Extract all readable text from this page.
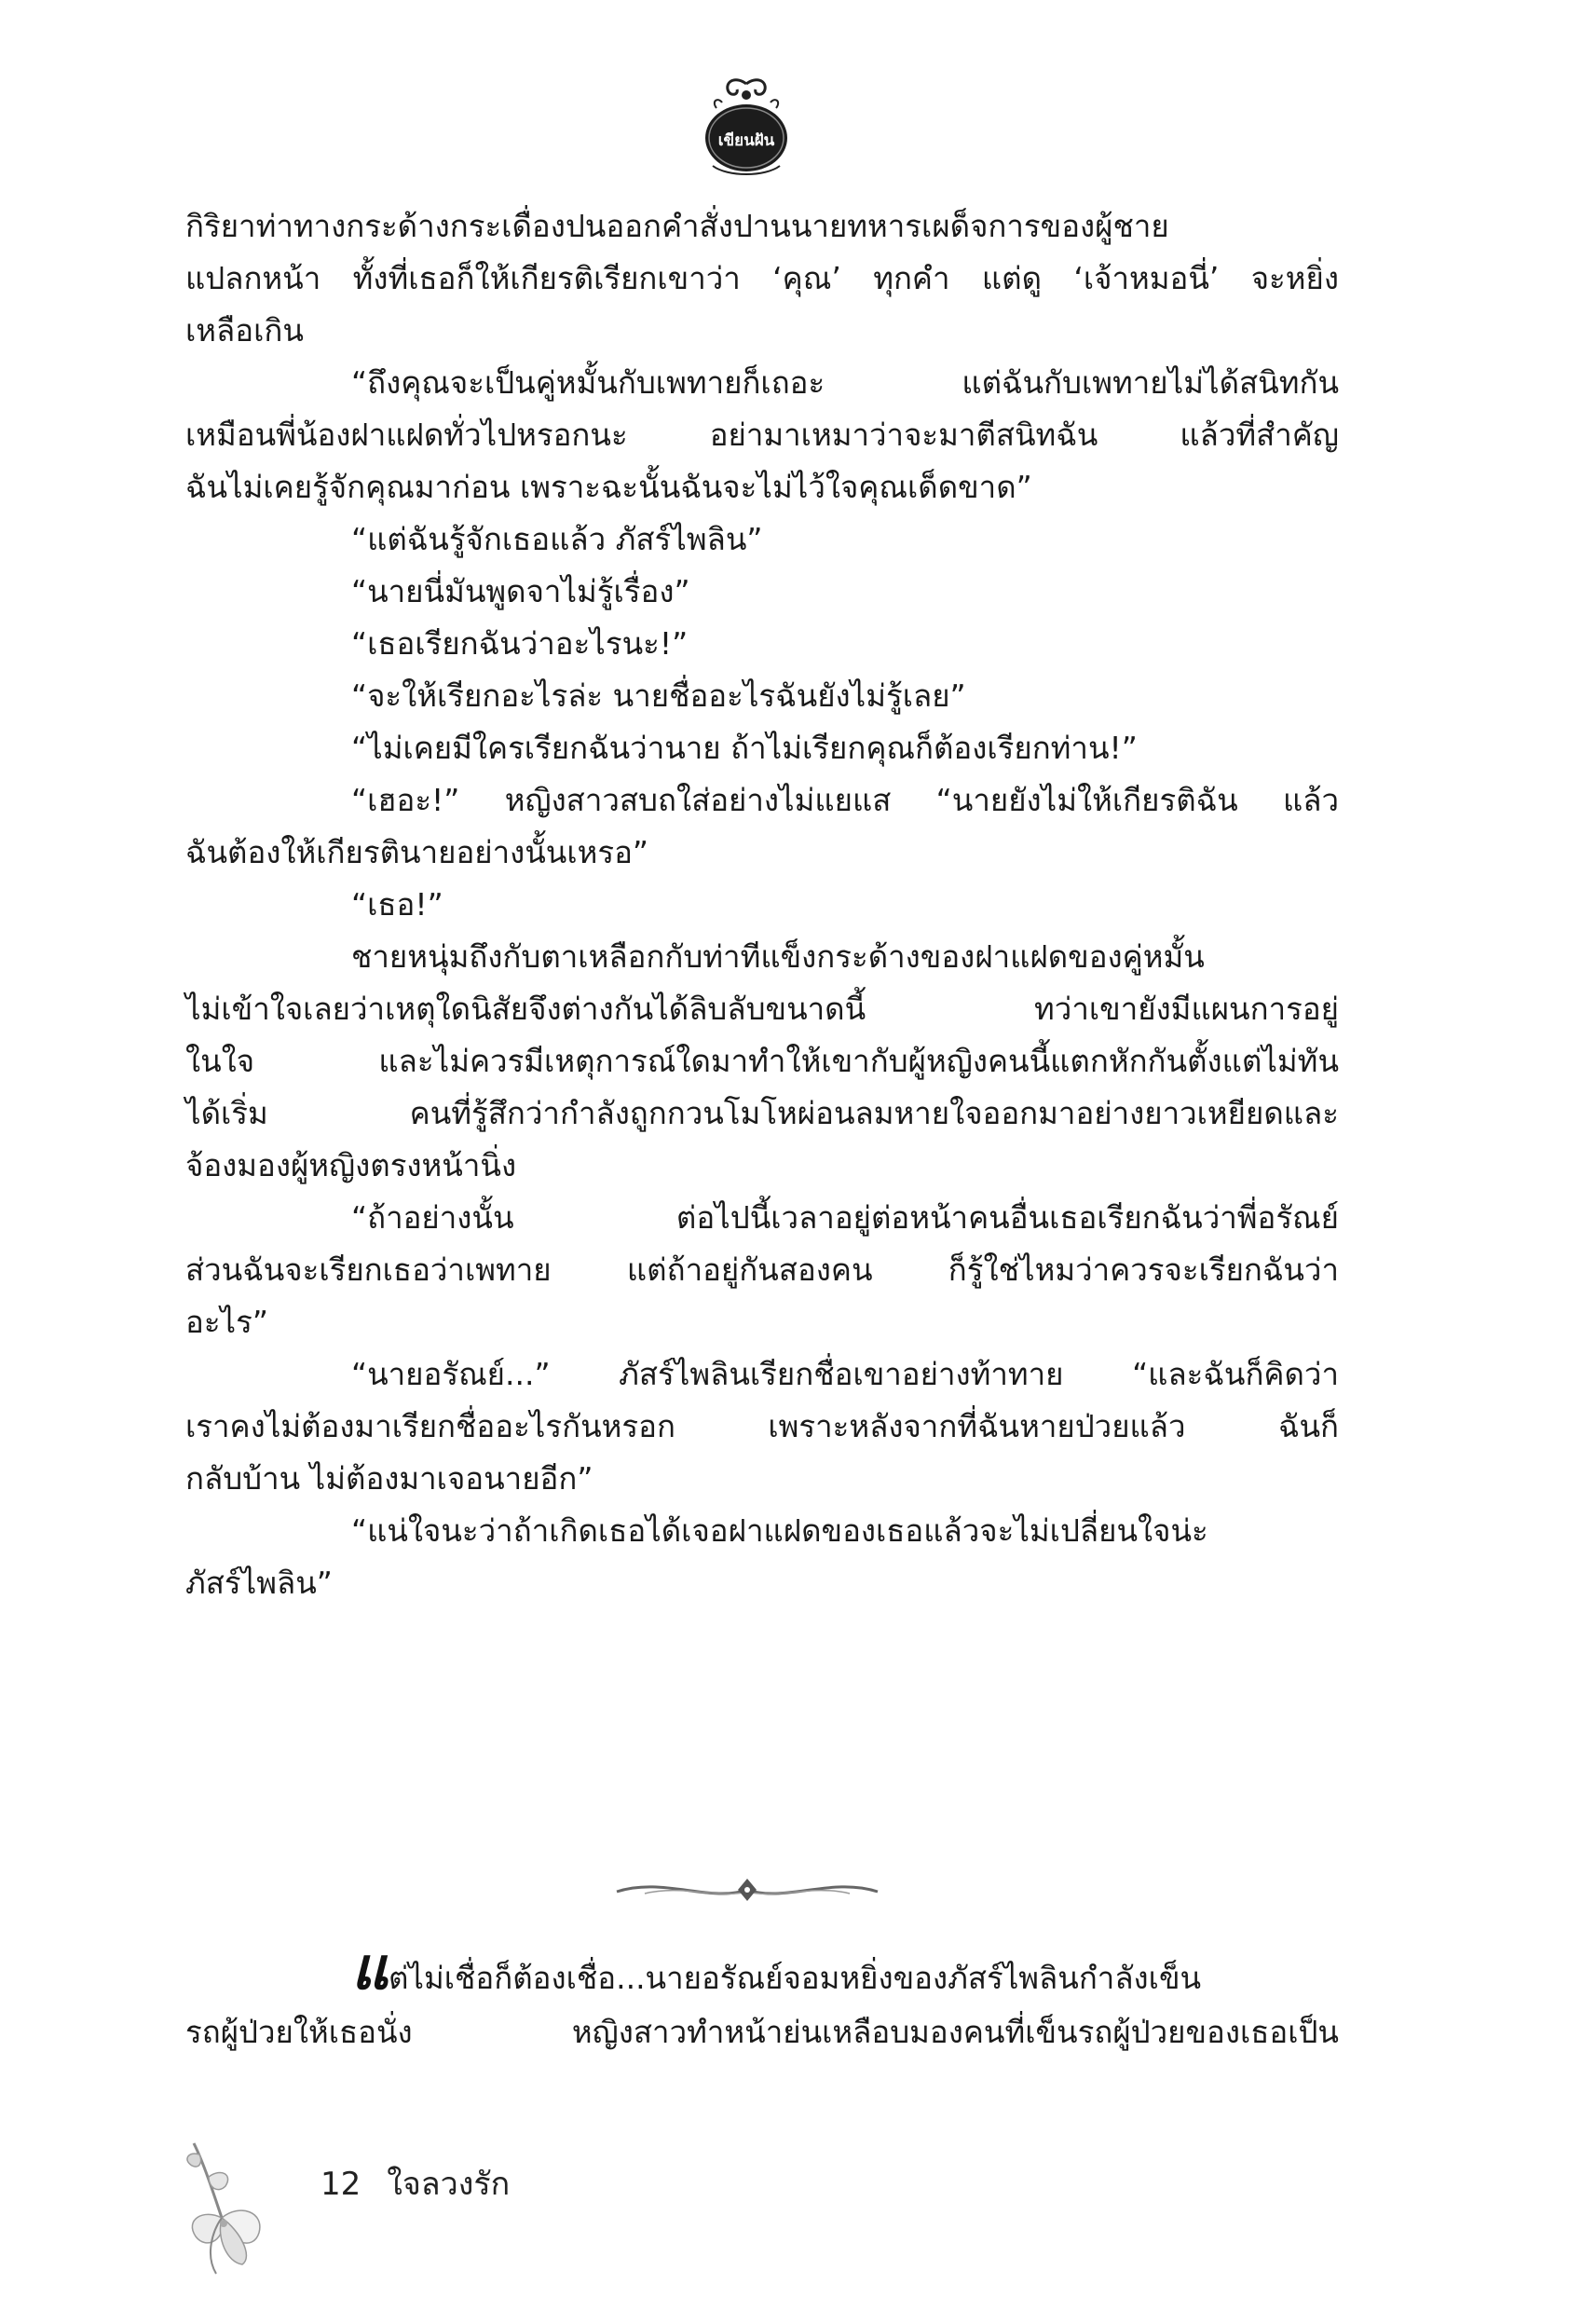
เขียนฝัน
กิริยาท่าทางกระด้างกระเดื่องปนออกคำสั่งปานนายทหารเผด็จการของผู้ชาย
แปลกหน้า ทั้งที่เธอก็ให้เกียรติเรียกเขาว่า ‘คุณ’ ทุกคำ แต่ดู ‘เจ้าหมอนี่’ จะหยิ่ง
เหลือเกิน
“ถึงคุณจะเป็นคู่หมั้นกับเพทายก็เถอะ แต่ฉันกับเพทายไม่ได้สนิทกัน
เหมือนพี่น้องฝาแฝดทั่วไปหรอกนะ อย่ามาเหมาว่าจะมาตีสนิทฉัน แล้วที่สำคัญ
ฉันไม่เคยรู้จักคุณมาก่อน เพราะฉะนั้นฉันจะไม่ไว้ใจคุณเด็ดขาด”
“แต่ฉันรู้จักเธอแล้ว ภัสร์ไพลิน”
“นายนี่มันพูดจาไม่รู้เรื่อง”
“เธอเรียกฉันว่าอะไรนะ!”
“จะให้เรียกอะไรล่ะ นายชื่ออะไรฉันยังไม่รู้เลย”
“ไม่เคยมีใครเรียกฉันว่านาย ถ้าไม่เรียกคุณก็ต้องเรียกท่าน!”
“เฮอะ!” หญิงสาวสบถใส่อย่างไม่แยแส “นายยังไม่ให้เกียรติฉัน แล้ว
ฉันต้องให้เกียรตินายอย่างนั้นเหรอ”
“เธอ!”
ชายหนุ่มถึงกับตาเหลือกกับท่าทีแข็งกระด้างของฝาแฝดของคู่หมั้น
ไม่เข้าใจเลยว่าเหตุใดนิสัยจึงต่างกันได้ลิบลับขนาดนี้ ทว่าเขายังมีแผนการอยู่
ในใจ และไม่ควรมีเหตุการณ์ใดมาทำให้เขากับผู้หญิงคนนี้แตกหักกันตั้งแต่ไม่ทัน
ได้เริ่ม คนที่รู้สึกว่ากำลังถูกกวนโมโหผ่อนลมหายใจออกมาอย่างยาวเหยียดและ
จ้องมองผู้หญิงตรงหน้านิ่ง
“ถ้าอย่างนั้น ต่อไปนี้เวลาอยู่ต่อหน้าคนอื่นเธอเรียกฉันว่าพี่อรัณย์
ส่วนฉันจะเรียกเธอว่าเพทาย แต่ถ้าอยู่กันสองคน ก็รู้ใช่ไหมว่าควรจะเรียกฉันว่า
อะไร”
“นายอรัณย์...” ภัสร์ไพลินเรียกชื่อเขาอย่างท้าทาย “และฉันก็คิดว่า
เราคงไม่ต้องมาเรียกชื่ออะไรกันหรอก เพราะหลังจากที่ฉันหายป่วยแล้ว ฉันก็
กลับบ้าน ไม่ต้องมาเจอนายอีก”
“แน่ใจนะว่าถ้าเกิดเธอได้เจอฝาแฝดของเธอแล้วจะไม่เปลี่ยนใจน่ะ
ภัสร์ไพลิน”
แต่ไม่เชื่อก็ต้องเชื่อ...นายอรัณย์จอมหยิ่งของภัสร์ไพลินกำลังเข็น
รถผู้ป่วยให้เธอนั่ง หญิงสาวทำหน้าย่นเหลือบมองคนที่เข็นรถผู้ป่วยของเธอเป็น
12 ใจลวงรัก
